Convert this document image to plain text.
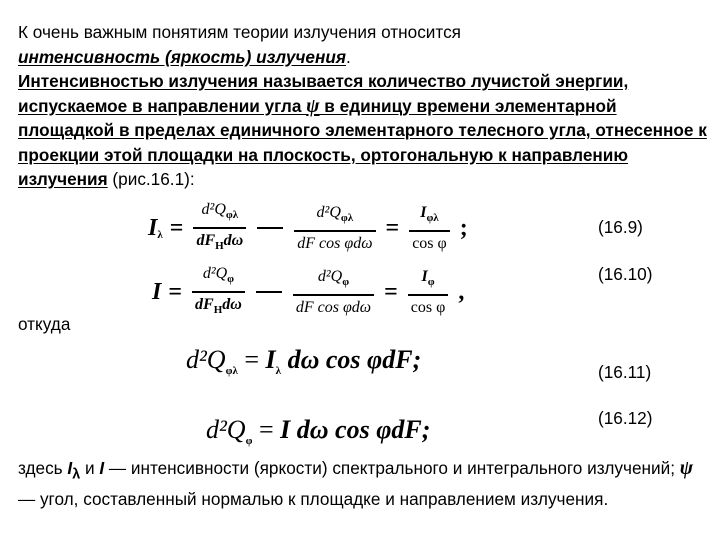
К очень важным понятиям теории излучения относится
интенсивность (яркость) излучения.
Интенсивностью излучения называется количество лучистой энергии, испускаемое в направлении угла ψ в единицу времени элементарной площадкой в пределах единичного элементарного телесного угла, отнесенное к проекции этой площадки на плоскость, ортогональную к направлению излучения (рис.16.1):
$I_\lambda = \frac{d^2Q_{\varphi\lambda}}{dF_Нd\omega}$
	$\frac{d^2Q_{\varphi\lambda}}{\text{dF cos φdω}} = \frac{I_{\varphi\lambda}}{\text{cos φ}}$ ;	(16.9)
$I = \frac{d^2Q_\varphi}{dF_Нd\omega}$
	$\frac{d^2Q_\varphi}{\text{dF cos φdω}} = \frac{I_\varphi}{\text{cos φ}}$ ,
(16.10)
откуда
$d^2Q_{\varphi\lambda} = I_\lambda$ dω cos φdF;	(16.11)
$d^2Q_\varphi = I$ dω cos φdF;	(16.12)
здесь $I_\lambda$ и I — интенсивности (яркости) спектрального и интегрального излучений; ψ — угол, составленный нормалью к площадке и направлением излучения.
